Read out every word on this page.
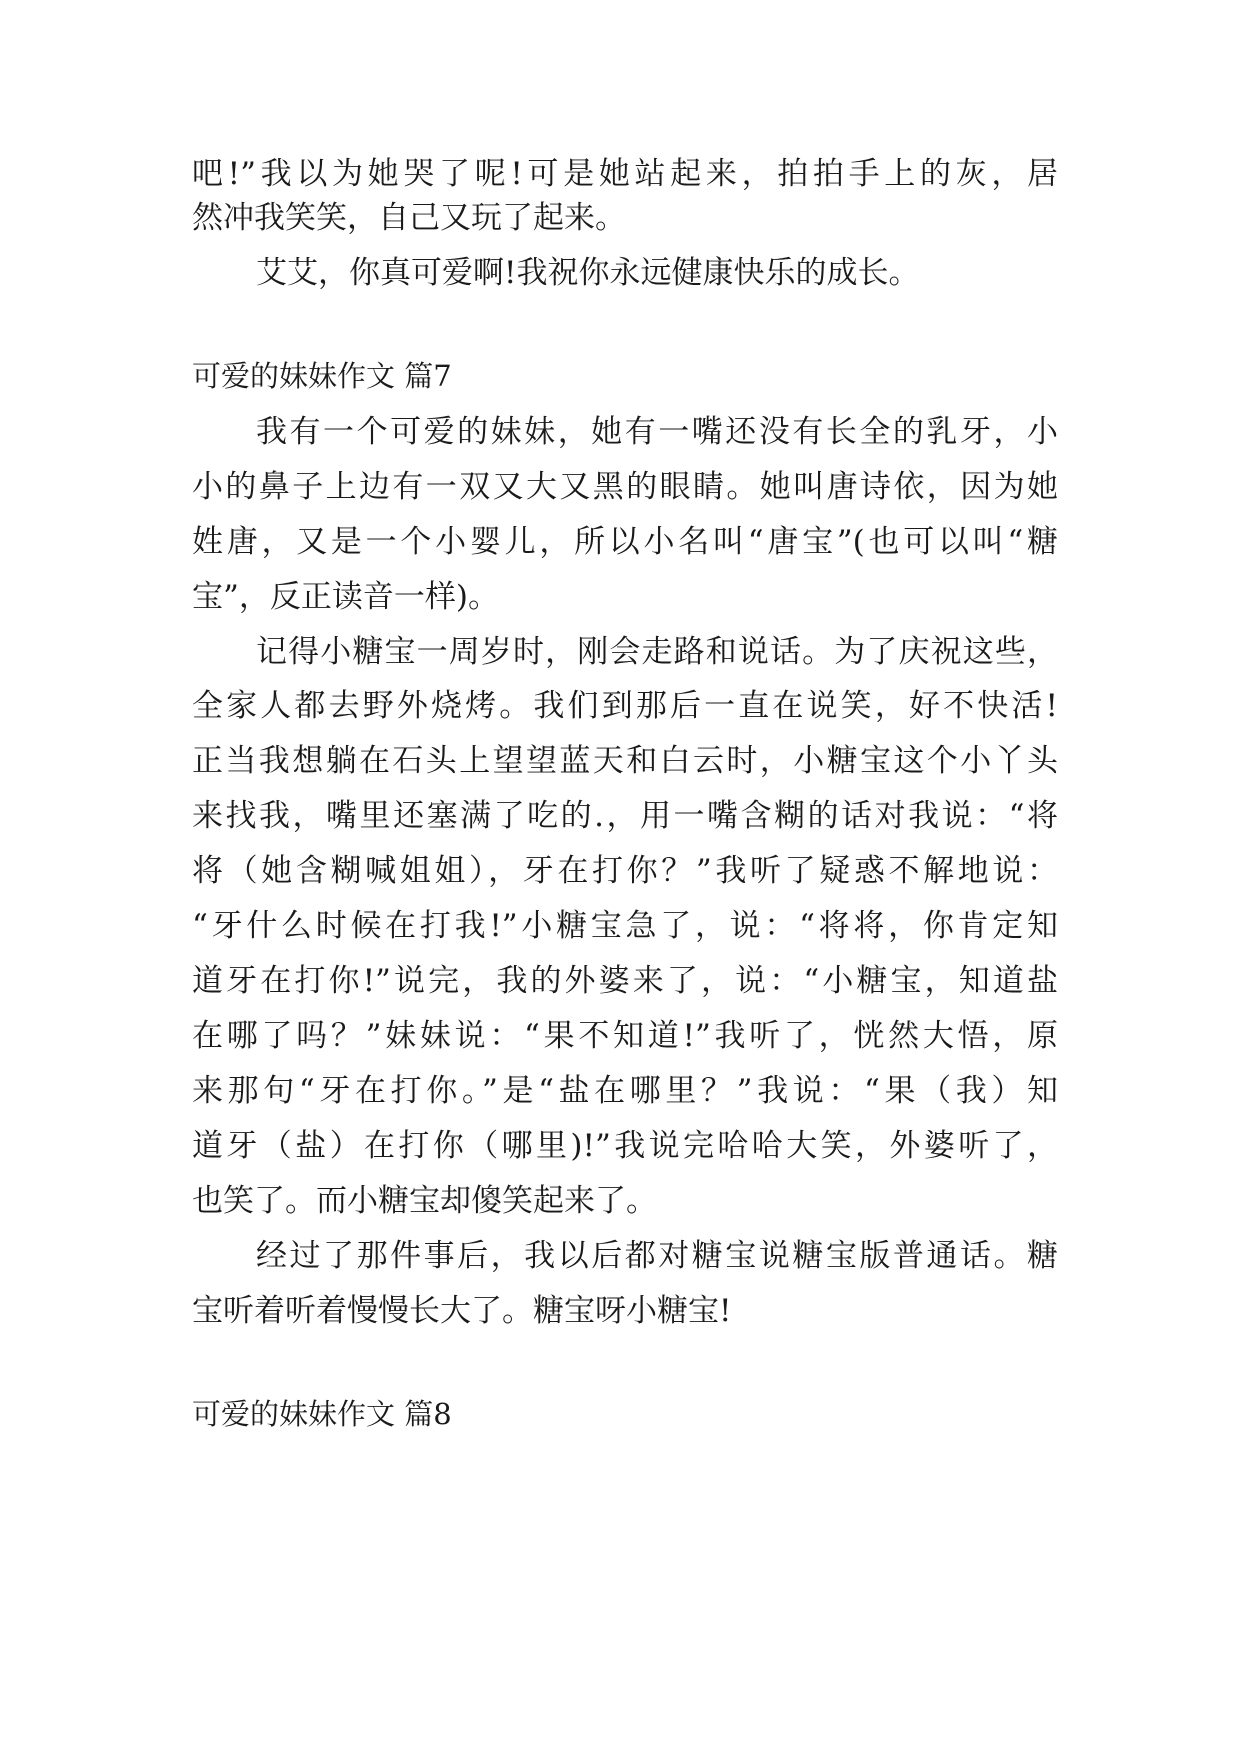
吧!”我以为她哭了呢!可是她站起来，拍拍手上的灰，居
然冲我笑笑，自己又玩了起来。
艾艾，你真可爱啊!我祝你永远健康快乐的成长。
可爱的妹妹作文 篇7
我有一个可爱的妹妹，她有一嘴还没有长全的乳牙，小
小的鼻子上边有一双又大又黑的眼睛。她叫唐诗依，因为她
姓唐，又是一个小婴儿，所以小名叫“唐宝”(也可以叫“糖
宝”，反正读音一样)。
记得小糖宝一周岁时，刚会走路和说话。为了庆祝这些，
全家人都去野外烧烤。我们到那后一直在说笑，好不快活!
正当我想躺在石头上望望蓝天和白云时，小糖宝这个小丫头
来找我，嘴里还塞满了吃的.，用一嘴含糊的话对我说：“将
将（她含糊喊姐姐），牙在打你？”我听了疑惑不解地说：
“牙什么时候在打我!”小糖宝急了，说：“将将，你肯定知
道牙在打你!”说完，我的外婆来了，说：“小糖宝，知道盐
在哪了吗？”妹妹说：“果不知道!”我听了，恍然大悟，原
来那句“牙在打你。”是“盐在哪里？”我说：“果（我）知
道牙（盐）在打你（哪里)!”我说完哈哈大笑，外婆听了，
也笑了。而小糖宝却傻笑起来了。
经过了那件事后，我以后都对糖宝说糖宝版普通话。糖
宝听着听着慢慢长大了。糖宝呀小糖宝!
可爱的妹妹作文 篇8
